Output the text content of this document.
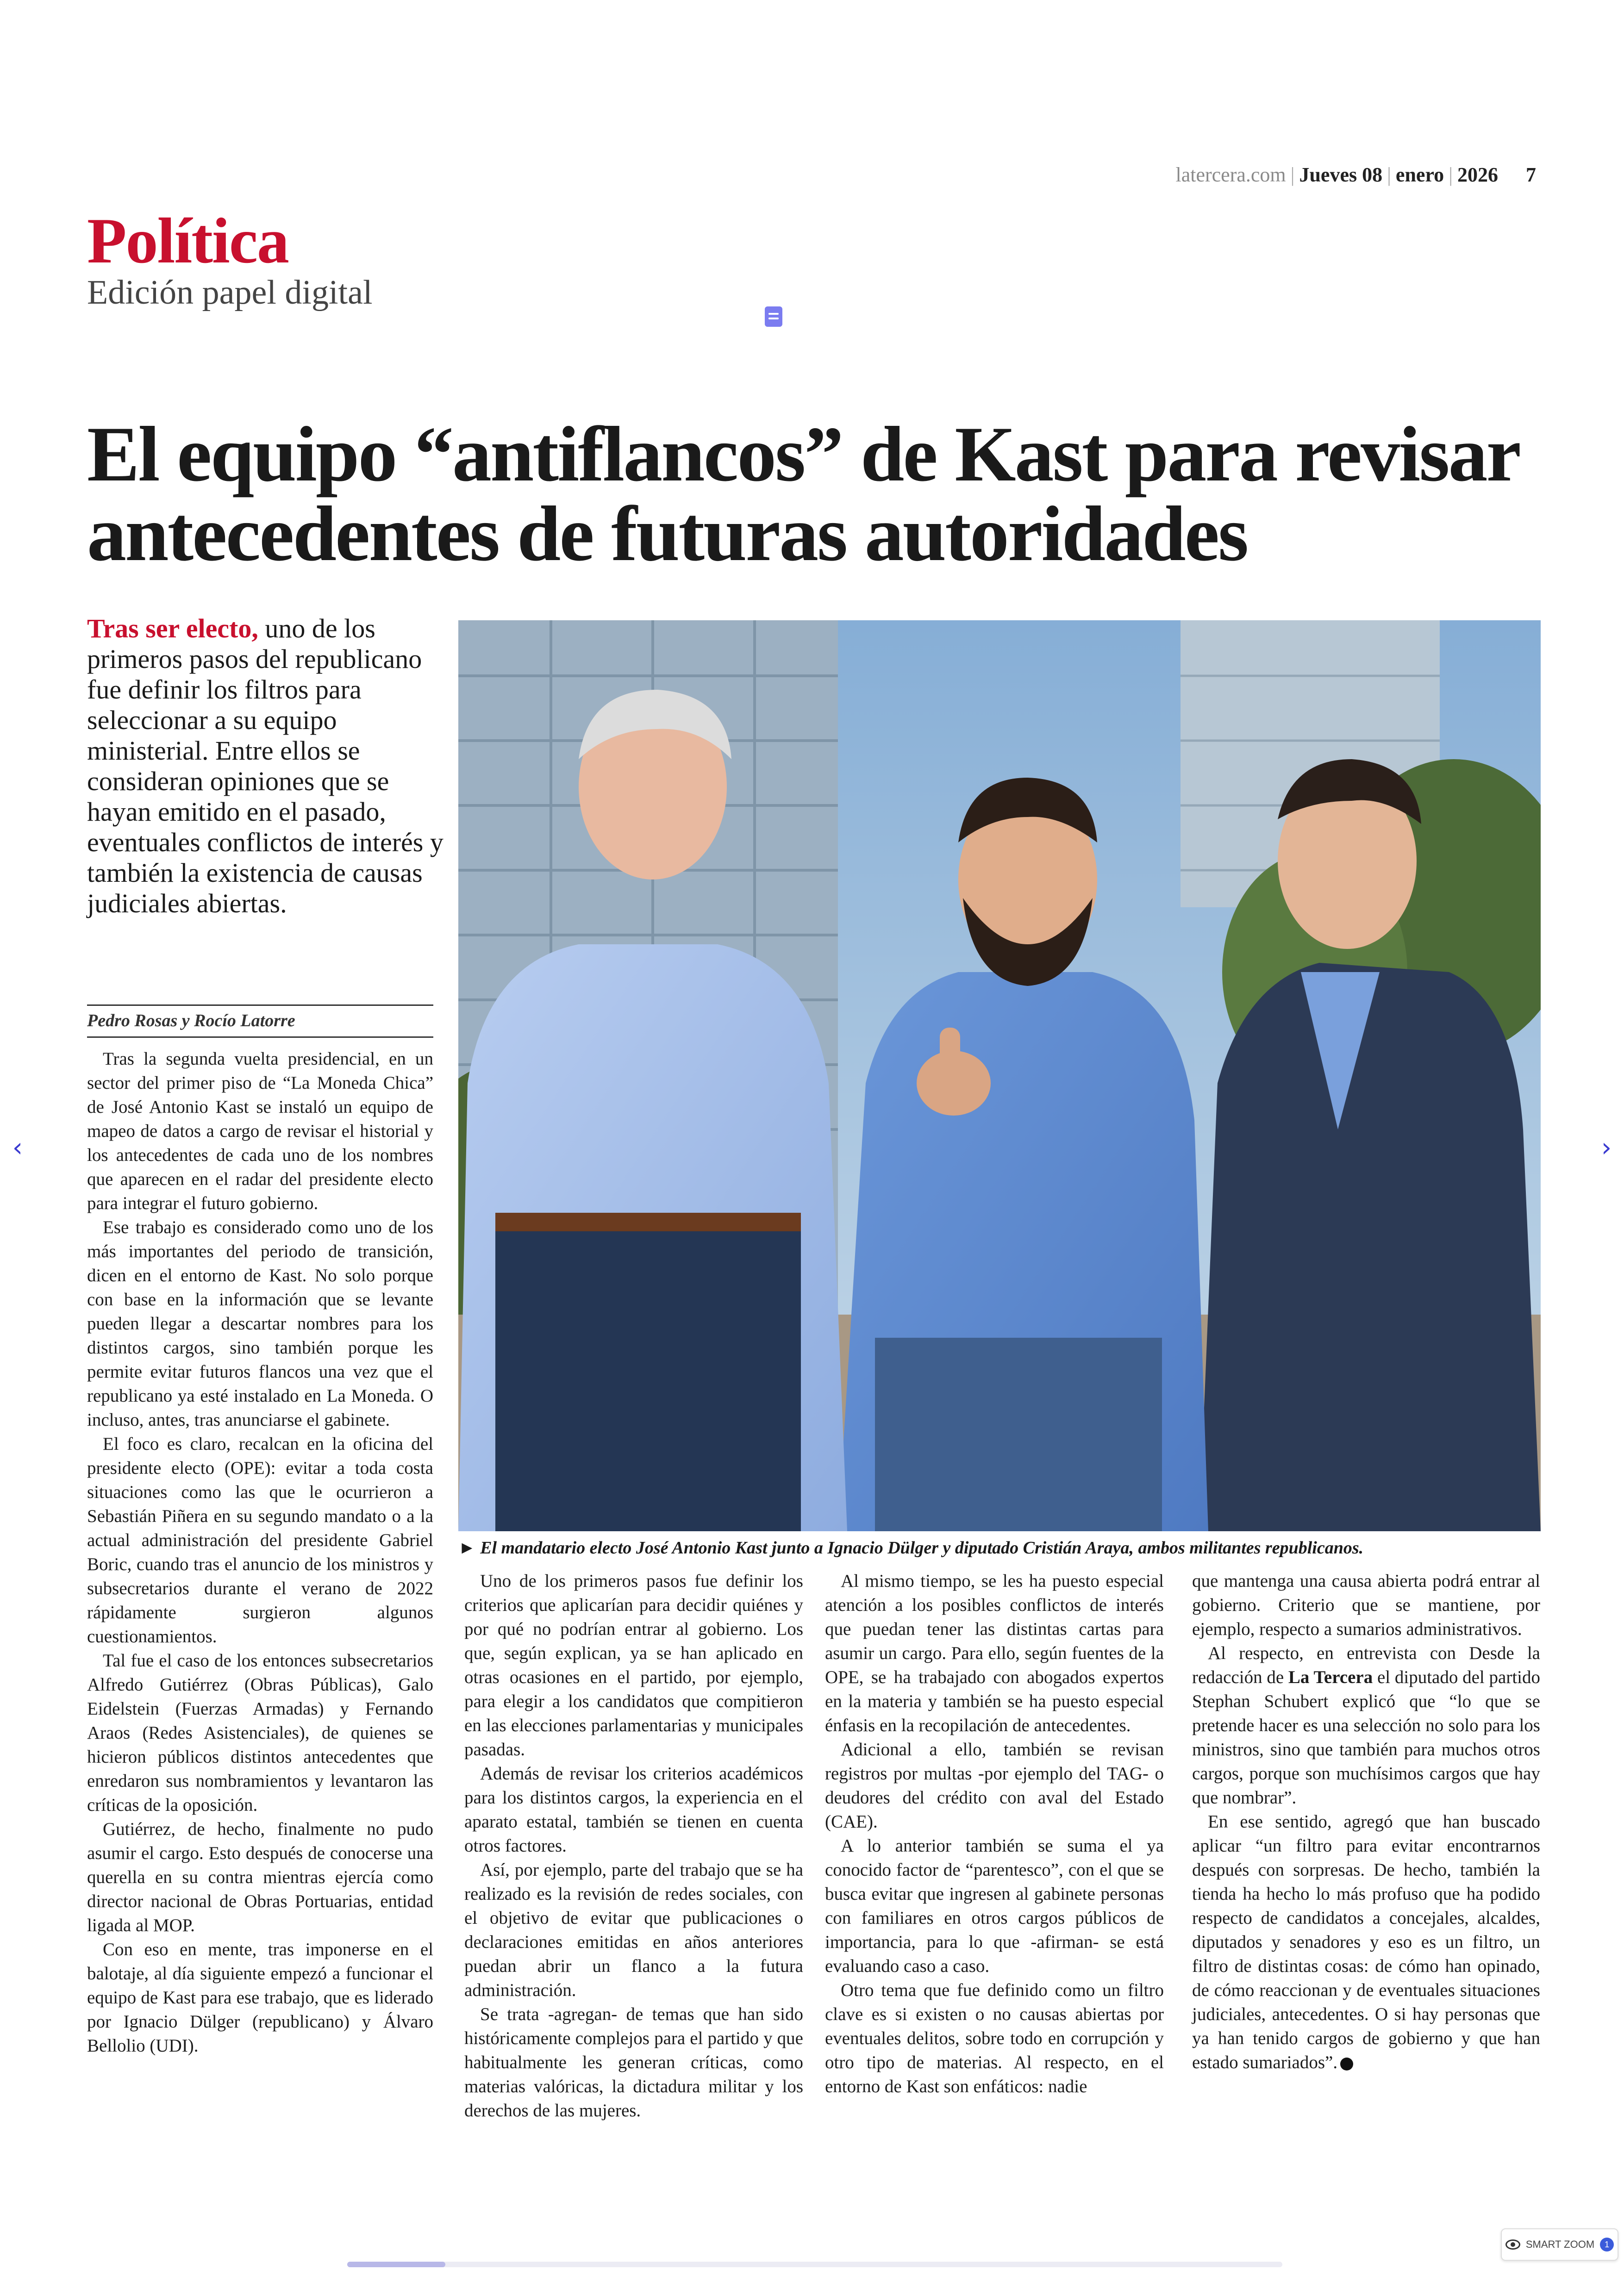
latercera.com | Jueves 08 | enero | 2026 7
Política
Edición papel digital
El equipo “antiflancos” de Kast para revisar
antecedentes de futuras autoridades
Tras ser electo, uno de los primeros pasos del republicano fue definir los filtros para seleccionar a su equipo ministerial. Entre ellos se consideran opiniones que se hayan emitido en el pasado, eventuales conflictos de interés y también la existencia de causas judiciales abiertas.
Pedro Rosas y Rocío Latorre

Tras la segunda vuelta presidencial, en un sector del primer piso de “La Moneda Chica” de José Antonio Kast se instaló un equipo de mapeo de datos a cargo de revisar el historial y los antecedentes de cada uno de los nombres que aparecen en el radar del presidente electo para integrar el futuro gobierno.

Ese trabajo es considerado como uno de los más importantes del periodo de transición, dicen en el entorno de Kast. No solo porque con base en la información que se levante pueden llegar a descartar nombres para los distintos cargos, sino también porque les permite evitar futuros flancos una vez que el republicano ya esté instalado en La Moneda. O incluso, antes, tras anunciarse el gabinete.

El foco es claro, recalcan en la oficina del presidente electo (OPE): evitar a toda costa situaciones como las que le ocurrieron a Sebastián Piñera en su segundo mandato o a la actual administración del presidente Gabriel Boric, cuando tras el anuncio de los ministros y subsecretarios durante el verano de 2022 rápidamente surgieron algunos cuestionamientos.

Tal fue el caso de los entonces subsecretarios Alfredo Gutiérrez (Obras Públicas), Galo Eidelstein (Fuerzas Armadas) y Fernando Araos (Redes Asistenciales), de quienes se hicieron públicos distintos antecedentes que enredaron sus nombramientos y levantaron las críticas de la oposición.

Gutiérrez, de hecho, finalmente no pudo asumir el cargo. Esto después de conocerse una querella en su contra mientras ejercía como director nacional de Obras Portuarias, entidad ligada al MOP.

Con eso en mente, tras imponerse en el balotaje, al día siguiente empezó a funcionar el equipo de Kast para ese trabajo, que es liderado por Ignacio Dülger (republicano) y Álvaro Bellolio (UDI).

► El mandatario electo José Antonio Kast junto a Ignacio Dülger y diputado Cristián Araya, ambos militantes republicanos.

Uno de los primeros pasos fue definir los criterios que aplicarían para decidir quiénes y por qué no podrían entrar al gobierno. Los que, según explican, ya se han aplicado en otras ocasiones en el partido, por ejemplo, para elegir a los candidatos que compitieron en las elecciones parlamentarias y municipales pasadas.

Además de revisar los criterios académicos para los distintos cargos, la experiencia en el aparato estatal, también se tienen en cuenta otros factores.

Así, por ejemplo, parte del trabajo que se ha realizado es la revisión de redes sociales, con el objetivo de evitar que publicaciones o declaraciones emitidas en años anteriores puedan abrir un flanco a la futura administración.

Se trata -agregan- de temas que han sido históricamente complejos para el partido y que habitualmente les generan críticas, como materias valóricas, la dictadura militar y los derechos de las mujeres.

Al mismo tiempo, se les ha puesto especial atención a los posibles conflictos de interés que puedan tener las distintas cartas para asumir un cargo. Para ello, según fuentes de la OPE, se ha trabajado con abogados expertos en la materia y también se ha puesto especial énfasis en la recopilación de antecedentes.

Adicional a ello, también se revisan registros por multas -por ejemplo del TAG- o deudores del crédito con aval del Estado (CAE).

A lo anterior también se suma el ya conocido factor de “parentesco”, con el que se busca evitar que ingresen al gabinete personas con familiares en otros cargos públicos de importancia, para lo que -afirman- se está evaluando caso a caso.

Otro tema que fue definido como un filtro clave es si existen o no causas abiertas por eventuales delitos, sobre todo en corrupción y otro tipo de materias. Al respecto, en el entorno de Kast son enfáticos: nadie

que mantenga una causa abierta podrá entrar al gobierno. Criterio que se mantiene, por ejemplo, respecto a sumarios administrativos.

Al respecto, en entrevista con Desde la redacción de La Tercera el diputado del partido Stephan Schubert explicó que “lo que se pretende hacer es una selección no solo para los ministros, sino que también para muchos otros cargos, porque son muchísimos cargos que hay que nombrar”.

En ese sentido, agregó que han buscado aplicar “un filtro para evitar encontrarnos después con sorpresas. De hecho, también la tienda ha hecho lo más profuso que ha podido respecto de candidatos a concejales, alcaldes, diputados y senadores y eso es un filtro, un filtro de distintas cosas: de cómo han opinado, de cómo reaccionan y de eventuales situaciones judiciales, antecedentes. O si hay personas que ya han tenido cargos de gobierno y que han estado sumariados”.

‹	›
SMART ZOOM	1
